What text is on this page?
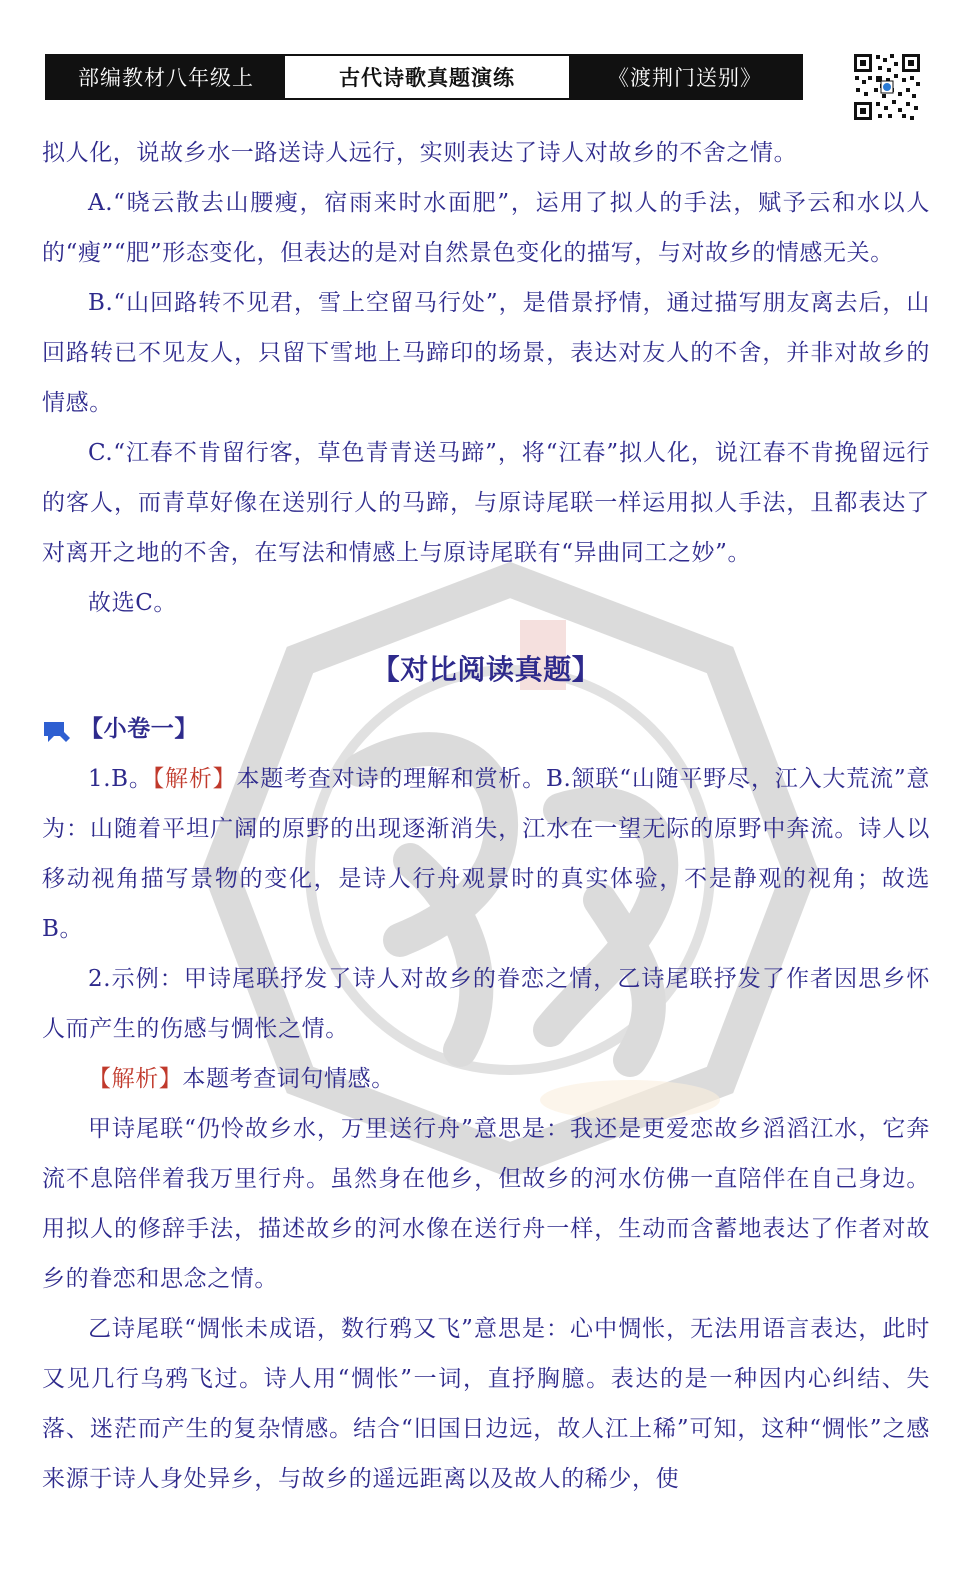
部编教材八年级上	古代诗歌真题演练	《渡荆门送别》

拟人化，说故乡水一路送诗人远行，实则表达了诗人对故乡的不舍之情。

A.“晓云散去山腰瘦，宿雨来时水面肥”，运用了拟人的手法，赋予云和水以人的“瘦”“肥”形态变化，但表达的是对自然景色变化的描写，与对故乡的情感无关。

B.“山回路转不见君，雪上空留马行处”，是借景抒情，通过描写朋友离去后，山回路转已不见友人，只留下雪地上马蹄印的场景，表达对友人的不舍，并非对故乡的情感。

C.“江春不肯留行客，草色青青送马蹄”，将“江春”拟人化，说江春不肯挽留远行的客人，而青草好像在送别行人的马蹄，与原诗尾联一样运用拟人手法，且都表达了对离开之地的不舍，在写法和情感上与原诗尾联有“异曲同工之妙”。

故选C。

【对比阅读真题】
【小卷一】

1.B。【解析】本题考查对诗的理解和赏析。B.颔联“山随平野尽，江入大荒流”意为：山随着平坦广阔的原野的出现逐渐消失，江水在一望无际的原野中奔流。诗人以移动视角描写景物的变化，是诗人行舟观景时的真实体验，不是静观的视角；故选B。

2.示例：甲诗尾联抒发了诗人对故乡的眷恋之情，乙诗尾联抒发了作者因思乡怀人而产生的伤感与惆怅之情。

【解析】本题考查词句情感。

甲诗尾联“仍怜故乡水，万里送行舟”意思是：我还是更爱恋故乡滔滔江水，它奔流不息陪伴着我万里行舟。虽然身在他乡，但故乡的河水仿佛一直陪伴在自己身边。用拟人的修辞手法，描述故乡的河水像在送行舟一样，生动而含蓄地表达了作者对故乡的眷恋和思念之情。

乙诗尾联“惆怅未成语，数行鸦又飞”意思是：心中惆怅，无法用语言表达，此时又见几行乌鸦飞过。诗人用“惆怅”一词，直抒胸臆。表达的是一种因内心纠结、失落、迷茫而产生的复杂情感。结合“旧国日边远，故人江上稀”可知，这种“惆怅”之感来源于诗人身处异乡，与故乡的遥远距离以及故人的稀少，使
